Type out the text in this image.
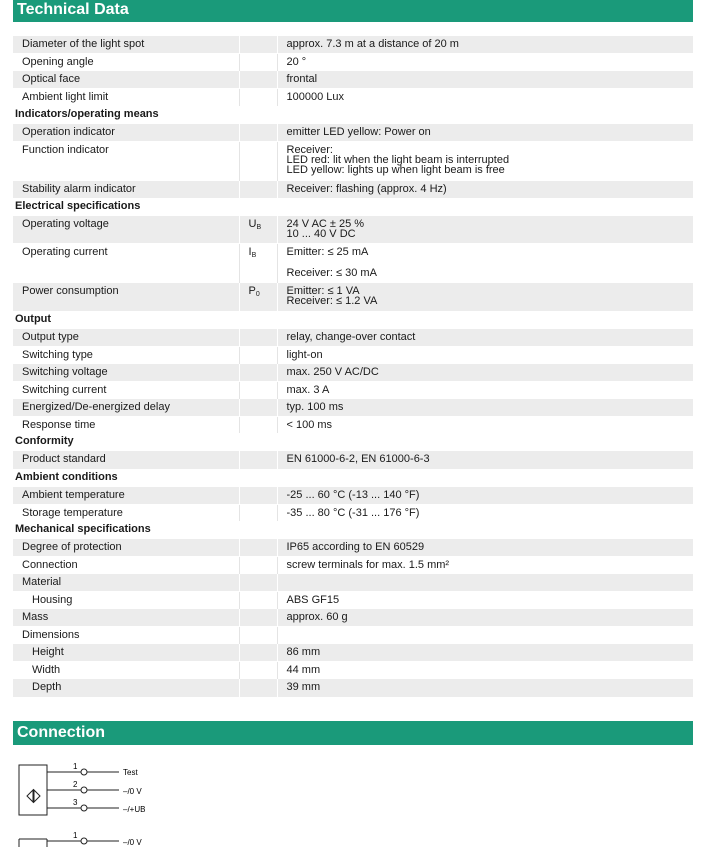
Technical Data
Diameter of the light spot		approx. 7.3 m at a distance of 20 m
Opening angle		20 °
Optical face		frontal
Ambient light limit		100000 Lux
Indicators/operating means		
Operation indicator		emitter LED yellow: Power on
Function indicator		Receiver:
LED red: lit when the light beam is interrupted
LED yellow: lights up when light beam is free

Stability alarm indicator		Receiver: flashing (approx. 4 Hz)
Electrical specifications		
Operating voltage	UB	24 V AC ± 25 %
10 ... 40 V DC

Operating current	IB	Emitter: ≤ 25 mA
Receiver: ≤ 30 mA

Power consumption	P0	Emitter: ≤ 1 VA
Receiver: ≤ 1.2 VA

Output		
Output type		relay, change-over contact
Switching type		light-on
Switching voltage		max. 250 V AC/DC
Switching current		max. 3 A
Energized/De-energized delay		typ. 100 ms
Response time		< 100 ms
Conformity		
Product standard		EN 61000-6-2, EN 61000-6-3
Ambient conditions		
Ambient temperature		-25 ... 60 °C (-13 ... 140 °F)
Storage temperature		-35 ... 80 °C (-31 ... 176 °F)
Mechanical specifications		
Degree of protection		IP65 according to EN 60529
Connection		screw terminals for max. 1.5 mm²
Material		
Housing		ABS GF15
Mass		approx. 60 g
Dimensions		
Height		86 mm
Width		44 mm
Depth		39 mm
Connection
1
Test
2
–/0 V
3
–/+UB
1
–/0 V
